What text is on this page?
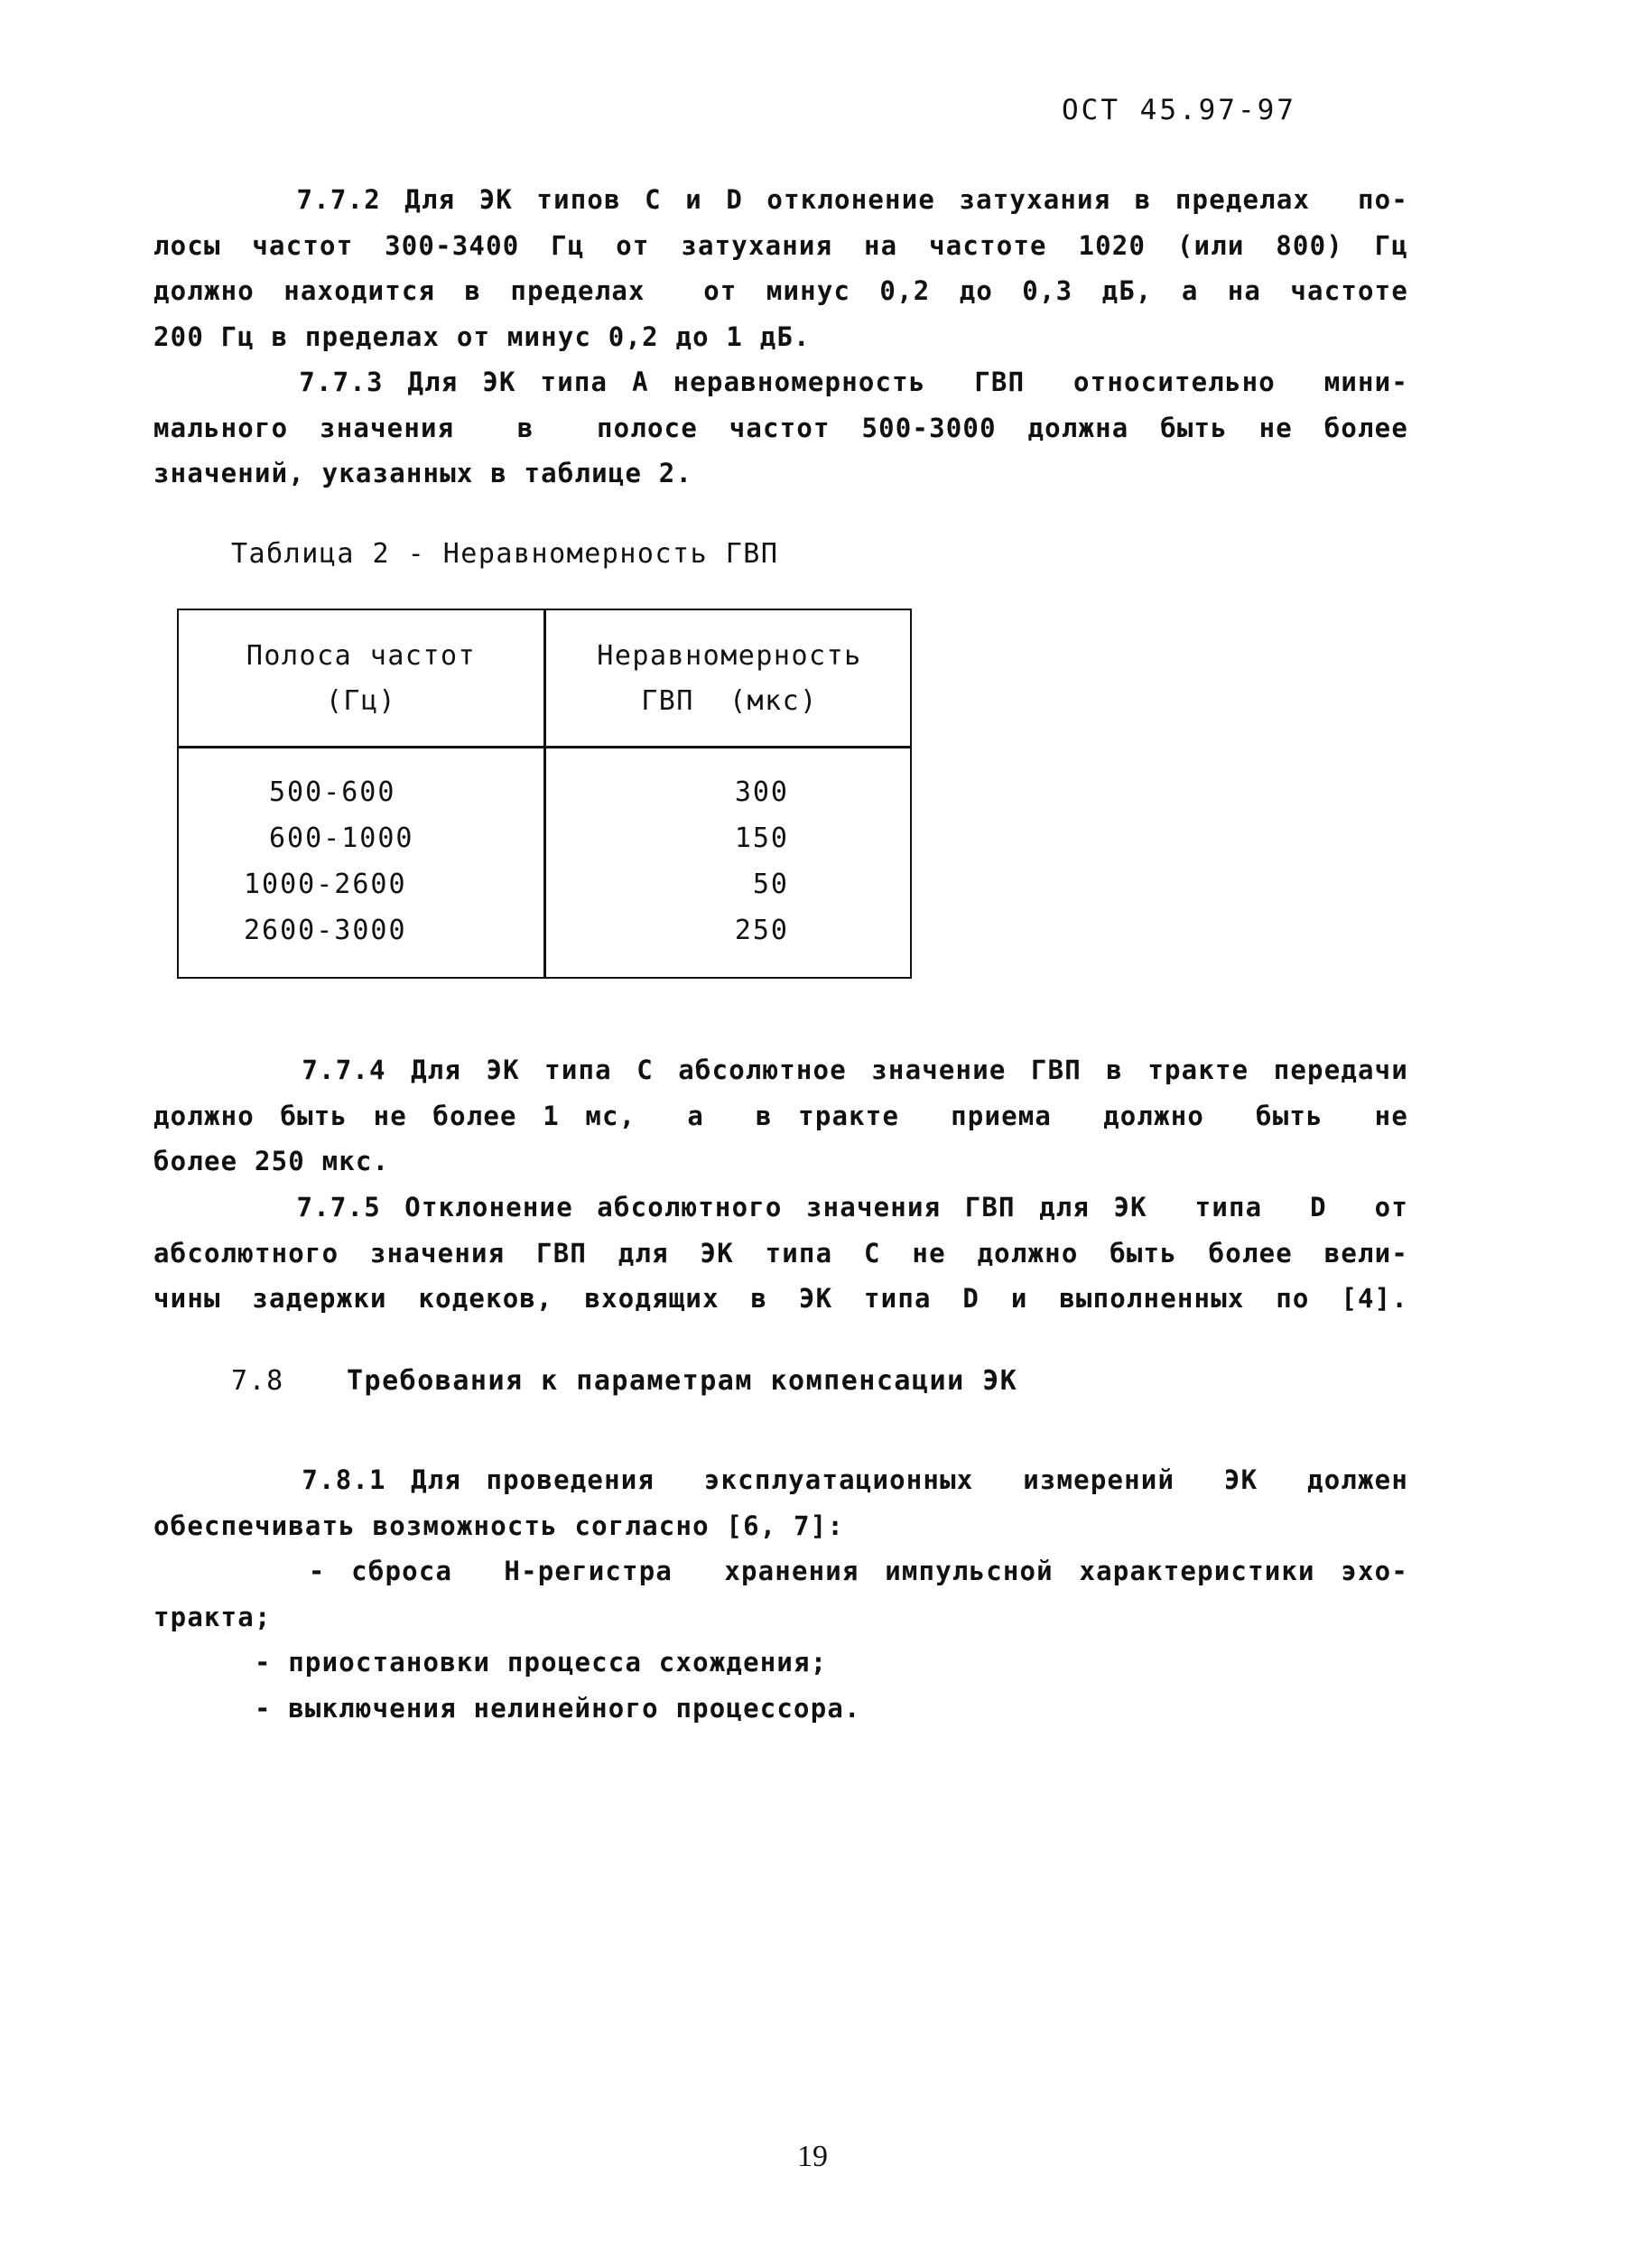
ОСТ 45.97-97
7.7.2 Для ЭК типов C и D отклонение затухания в пределах  по-
лосы частот 300-3400 Гц от затухания на частоте 1020 (или 800) Гц
должно находится в пределах  от минус 0,2 до 0,3 дБ, а на частоте
200 Гц в пределах от минус 0,2 до 1 дБ.
7.7.3 Для ЭК типа А неравномерность  ГВП  относительно  мини-
мального значения  в  полосе частот 500-3000 должна быть не более
значений, указанных в таблице 2.
Таблица 2 - Неравномерность ГВП
Полоса частот
(Гц)
Неравномерность
ГВП  (мкс)
500-600
600-1000
1000-2600
2600-3000
300
150
50
250
7.7.4 Для ЭК типа C абсолютное значение ГВП в тракте передачи
должно быть не более 1 мс,  а  в тракте  приема  должно  быть  не
более 250 мкс.
7.7.5 Отклонение абсолютного значения ГВП для ЭК  типа  D  от
абсолютного значения ГВП для ЭК типа C не должно быть более вели-
чины задержки кодеков, входящих в ЭК типа D и выполненных по [4].
7.8 Требования к параметрам компенсации ЭК
7.8.1 Для проведения  эксплуатационных  измерений  ЭК  должен
обеспечивать возможность согласно [6, 7]:
- сброса  H-регистра  хранения импульсной характеристики эхо-
тракта;
- приостановки процесса схождения;
- выключения нелинейного процессора.
19
